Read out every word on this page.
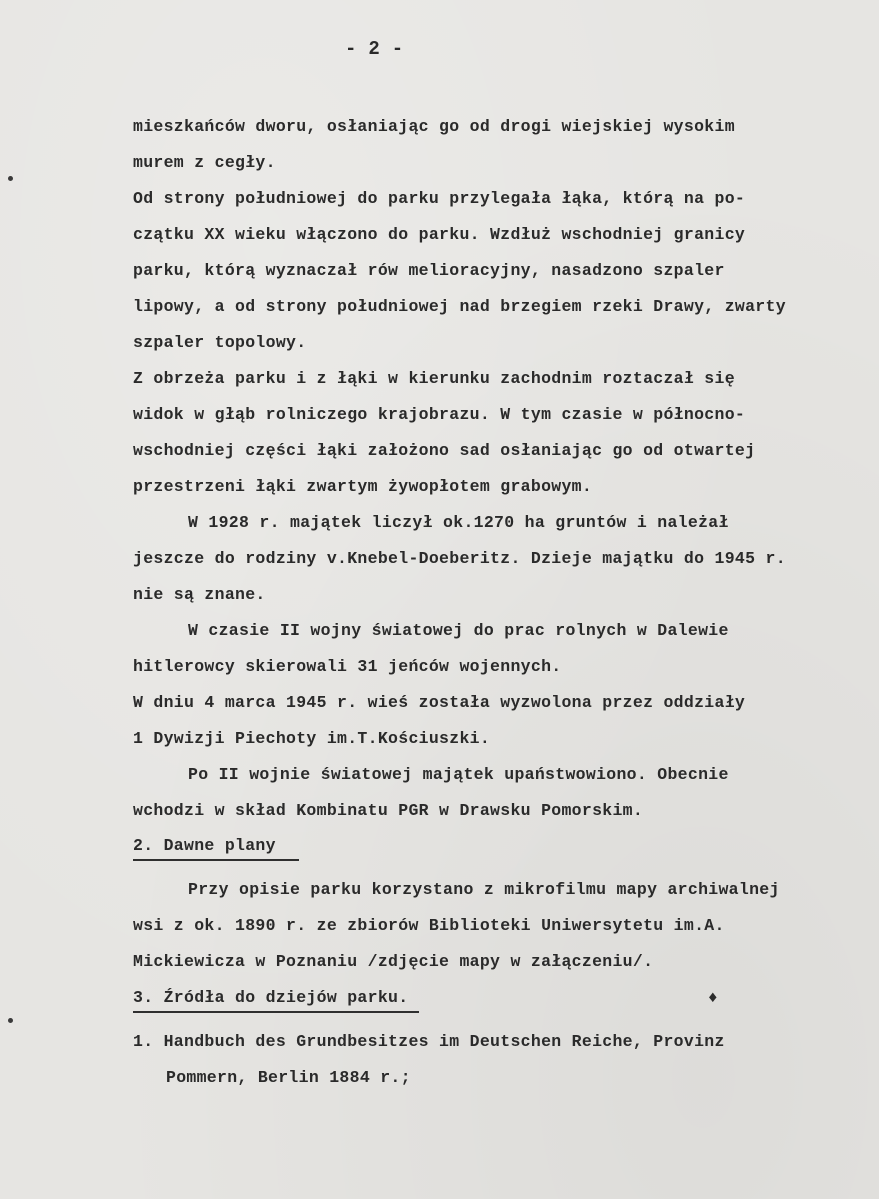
- 2 -
mieszkańców dworu, osłaniając go od drogi wiejskiej wysokim
murem z cegły.
Od strony południowej do parku przylegała łąka, którą na po-
czątku XX wieku włączono do parku. Wzdłuż wschodniej granicy
parku, którą wyznaczał rów melioracyjny, nasadzono szpaler
lipowy, a od strony południowej nad brzegiem rzeki Drawy, zwarty
szpaler topolowy.
Z obrzeża parku i z łąki w kierunku zachodnim roztaczał się
widok w głąb rolniczego krajobrazu. W tym czasie w północno-
wschodniej części łąki założono sad osłaniając go od otwartej
przestrzeni łąki zwartym żywopłotem grabowym.
W 1928 r. majątek liczył ok.1270 ha gruntów i należał
jeszcze do rodziny v.Knebel-Doeberitz. Dzieje majątku do 1945 r.
nie są znane.
W czasie II wojny światowej do prac rolnych w Dalewie
hitlerowcy skierowali 31 jeńców wojennych.
W dniu 4 marca 1945 r. wieś została wyzwolona przez oddziały
1 Dywizji Piechoty im.T.Kościuszki.
Po II wojnie światowej majątek upaństwowiono. Obecnie
wchodzi w skład Kombinatu PGR w Drawsku Pomorskim.
2. Dawne plany
Przy opisie parku korzystano z mikrofilmu mapy archiwalnej
wsi z ok. 1890 r. ze zbiorów Biblioteki Uniwersytetu im.A.
Mickiewicza w Poznaniu /zdjęcie mapy w załączeniu/.
3. Źródła do dziejów parku.	♦
1. Handbuch des Grundbesitzes im Deutschen Reiche, Provinz
Pommern, Berlin 1884 r.;
